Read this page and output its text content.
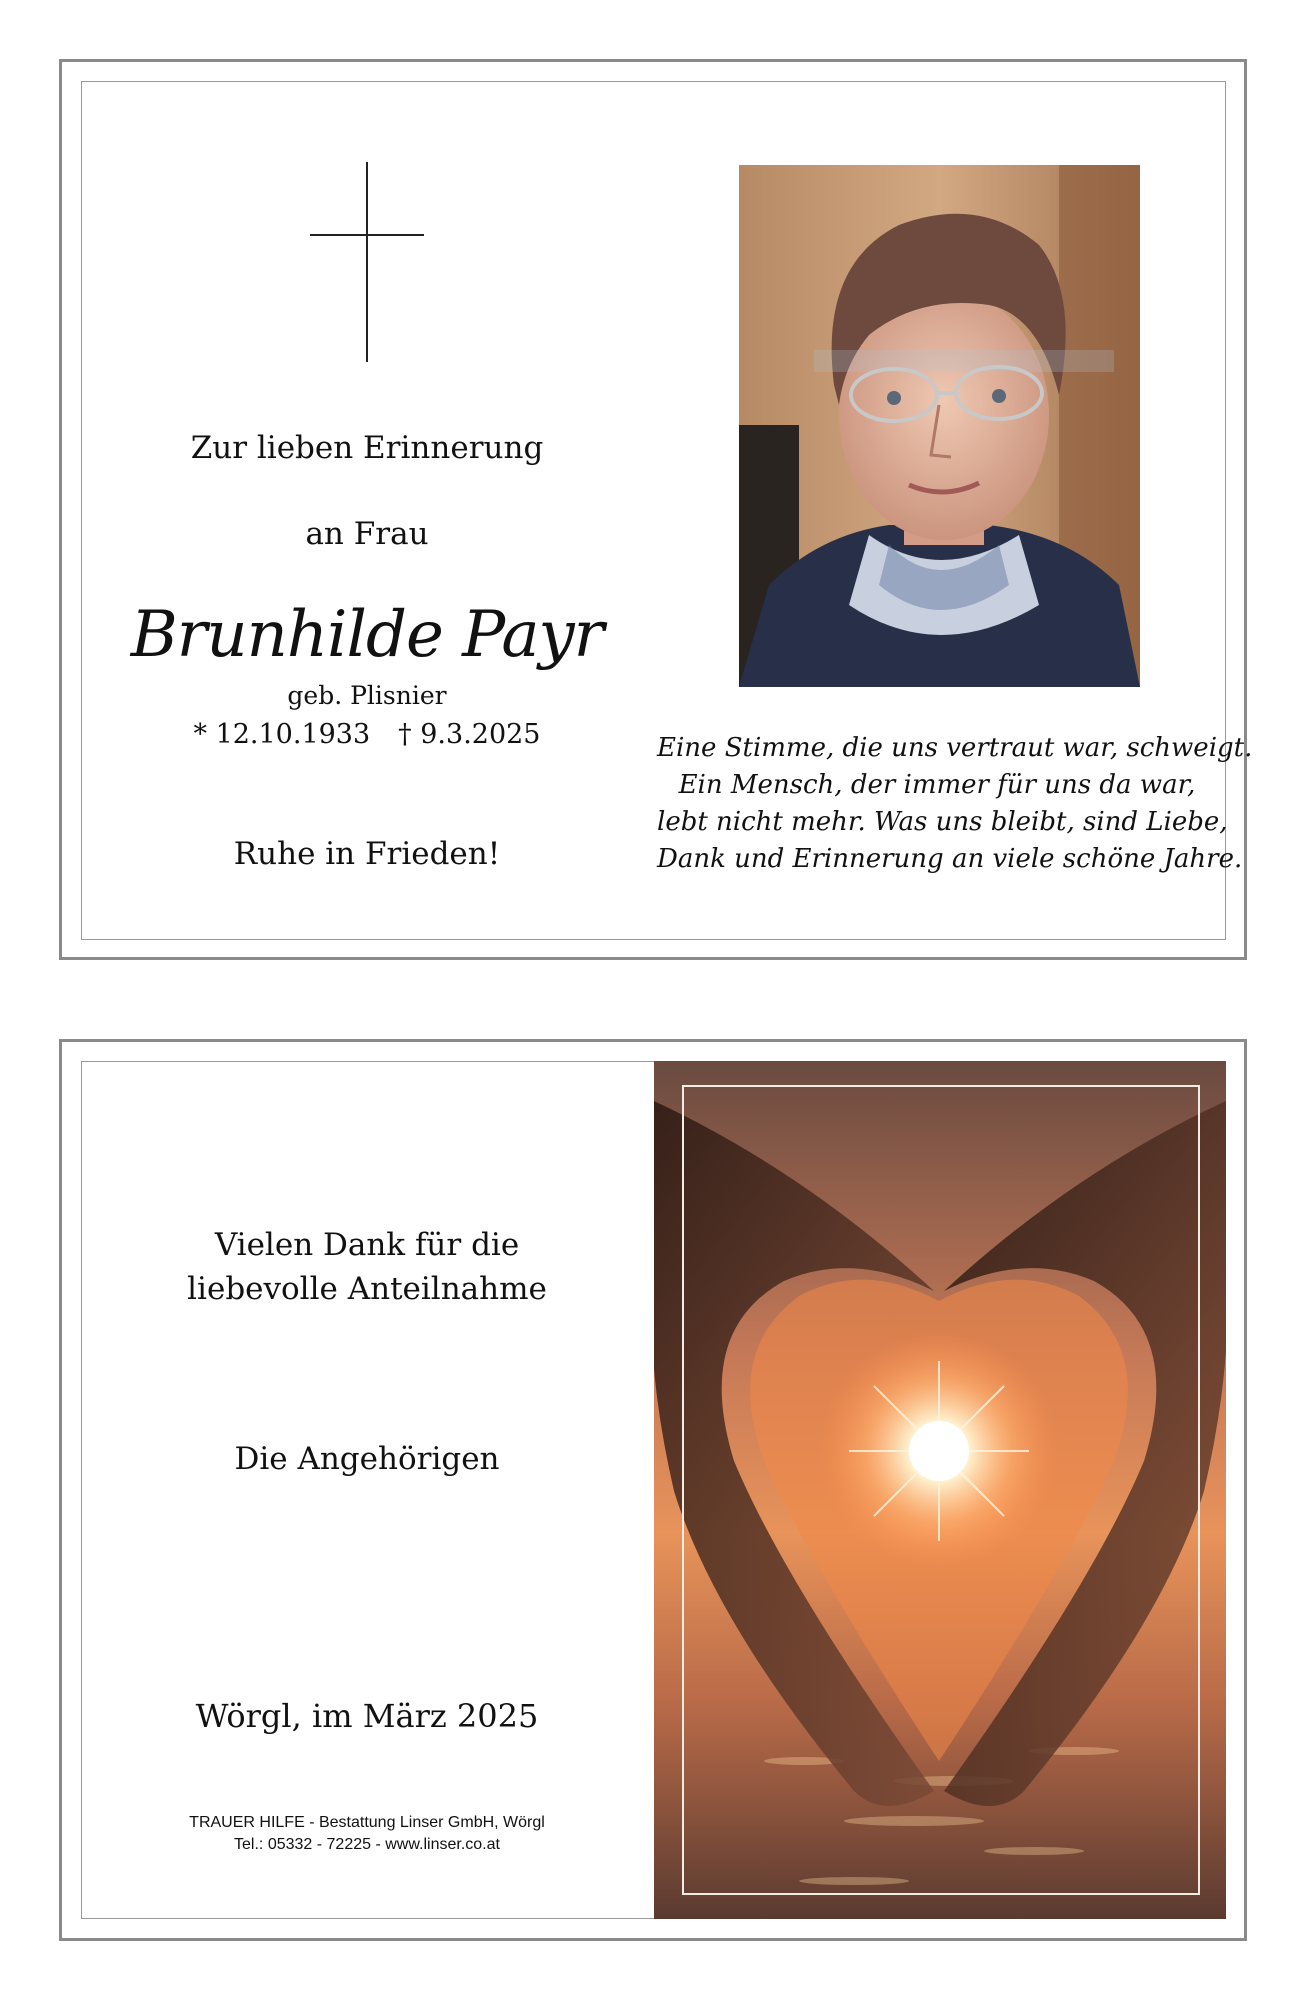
Zur lieben Erinnerung
an Frau
Brunhilde Payr
geb. Plisnier
* 12.10.1933 † 9.3.2025
Ruhe in Frieden!
Eine Stimme, die uns vertraut war, schweigt.
Ein Mensch, der immer für uns da war,
lebt nicht mehr. Was uns bleibt, sind Liebe,
Dank und Erinnerung an viele schöne Jahre.
Vielen Dank für die
liebevolle Anteilnahme
Die Angehörigen
Wörgl, im März 2025
TRAUER HILFE - Bestattung Linser GmbH, Wörgl
Tel.: 05332 - 72225 - www.linser.co.at
